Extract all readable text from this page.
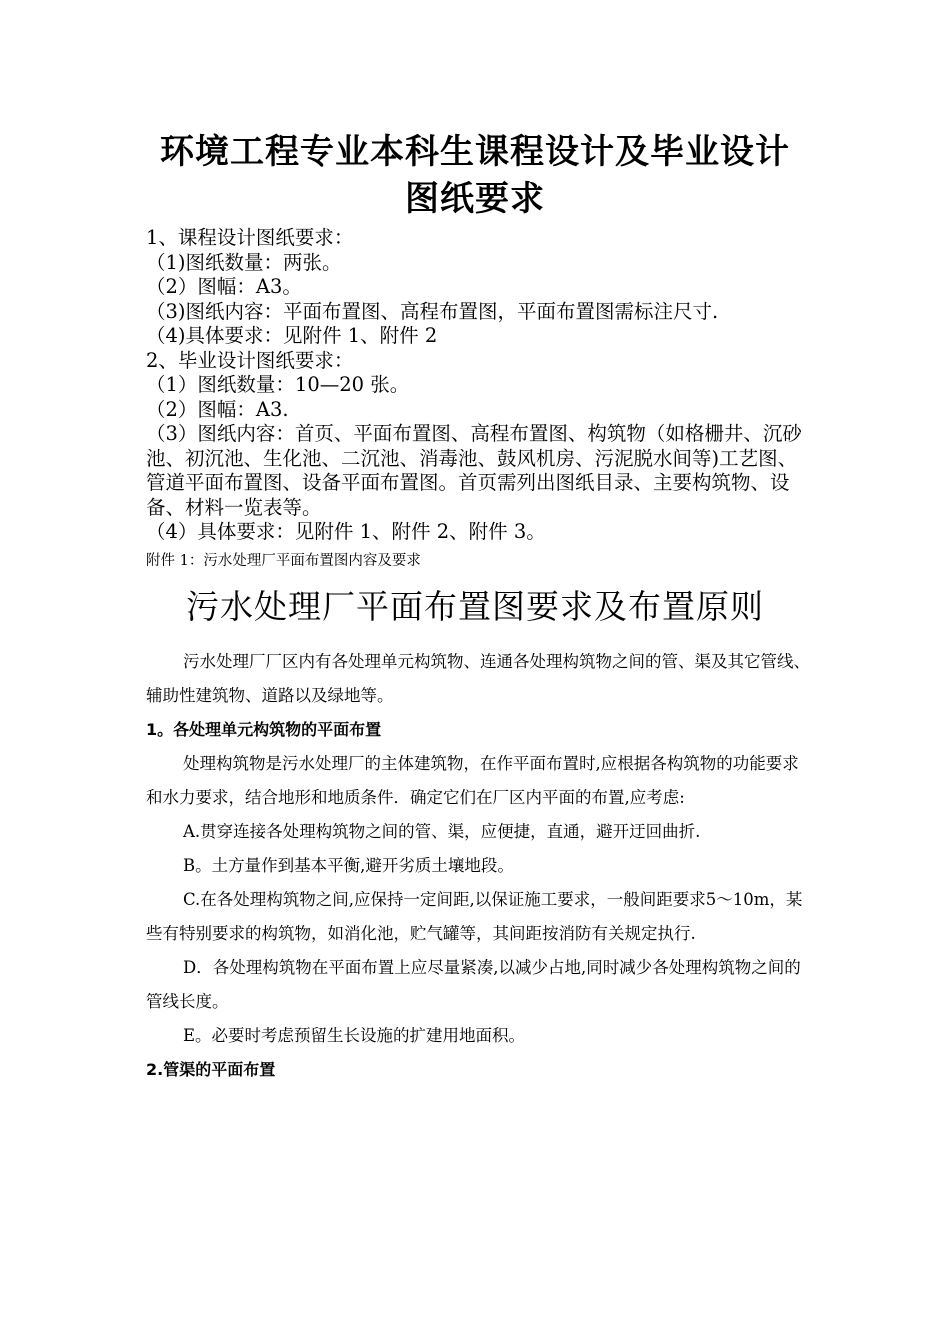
环境工程专业本科生课程设计及毕业设计
图纸要求
1、课程设计图纸要求：
（1)图纸数量：两张。
（2）图幅：A3。
（3)图纸内容：平面布置图、高程布置图，平面布置图需标注尺寸.
（4)具体要求：见附件 1、附件 2
2、毕业设计图纸要求：
（1）图纸数量：10—20 张。
（2）图幅：A3.
（3）图纸内容：首页、平面布置图、高程布置图、构筑物（如格栅井、沉砂池、初沉池、生化池、二沉池、消毒池、鼓风机房、污泥脱水间等)工艺图、管道平面布置图、设备平面布置图。首页需列出图纸目录、主要构筑物、设备、材料一览表等。
（4）具体要求：见附件 1、附件 2、附件 3。
附件 1：污水处理厂平面布置图内容及要求
污水处理厂平面布置图要求及布置原则

污水处理厂厂区内有各处理单元构筑物、连通各处理构筑物之间的管、渠及其它管线、辅助性建筑物、道路以及绿地等。

1。各处理单元构筑物的平面布置

处理构筑物是污水处理厂的主体建筑物，在作平面布置时,应根据各构筑物的功能要求和水力要求，结合地形和地质条件．确定它们在厂区内平面的布置,应考虑:

A.贯穿连接各处理构筑物之间的管、渠，应便捷，直通，避开迂回曲折.

B。土方量作到基本平衡,避开劣质土壤地段。

C.在各处理构筑物之间,应保持一定间距,以保证施工要求，一般间距要求5～10m，某些有特别要求的构筑物，如消化池，贮气罐等，其间距按消防有关规定执行.

D．各处理构筑物在平面布置上应尽量紧凑,以减少占地,同时减少各处理构筑物之间的管线长度。

E。必要时考虑预留生长设施的扩建用地面积。

2.管渠的平面布置
